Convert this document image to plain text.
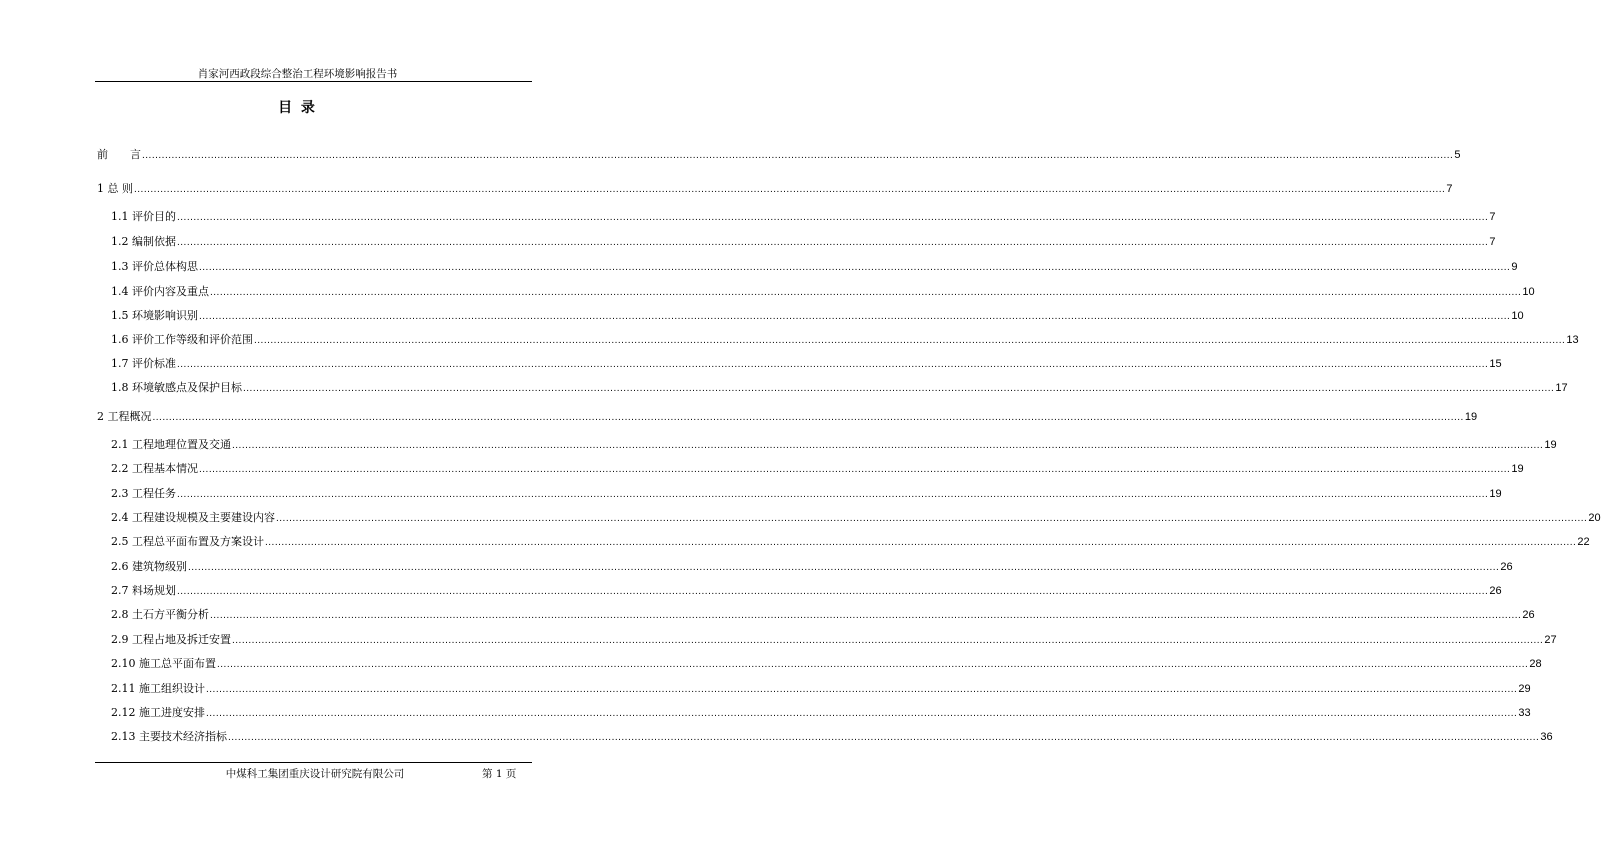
肖家河西政段综合整治工程环境影响报告书
目 录
前　　言 ................................................................................................................................................................................................................................................................................................................................................................................................................ 5
1 总 则 ................................................................................................................................................................................................................................................................................................................................................................................................................ 7
1.1 评价目的 ................................................................................................................................................................................................................................................................................................................................................................................................................ 7
1.2 编制依据 ................................................................................................................................................................................................................................................................................................................................................................................................................ 7
1.3 评价总体构思 ................................................................................................................................................................................................................................................................................................................................................................................................................ 9
1.4 评价内容及重点 ................................................................................................................................................................................................................................................................................................................................................................................................................ 10
1.5 环境影响识别 ................................................................................................................................................................................................................................................................................................................................................................................................................ 10
1.6 评价工作等级和评价范围 ................................................................................................................................................................................................................................................................................................................................................................................................................ 13
1.7 评价标准 ................................................................................................................................................................................................................................................................................................................................................................................................................ 15
1.8 环境敏感点及保护目标 ................................................................................................................................................................................................................................................................................................................................................................................................................ 17
2 工程概况 ................................................................................................................................................................................................................................................................................................................................................................................................................ 19
2.1 工程地理位置及交通 ................................................................................................................................................................................................................................................................................................................................................................................................................ 19
2.2 工程基本情况 ................................................................................................................................................................................................................................................................................................................................................................................................................ 19
2.3 工程任务 ................................................................................................................................................................................................................................................................................................................................................................................................................ 19
2.4 工程建设规模及主要建设内容 ................................................................................................................................................................................................................................................................................................................................................................................................................ 20
2.5 工程总平面布置及方案设计 ................................................................................................................................................................................................................................................................................................................................................................................................................ 22
2.6 建筑物级别 ................................................................................................................................................................................................................................................................................................................................................................................................................ 26
2.7 料场规划 ................................................................................................................................................................................................................................................................................................................................................................................................................ 26
2.8 土石方平衡分析 ................................................................................................................................................................................................................................................................................................................................................................................................................ 26
2.9 工程占地及拆迁安置 ................................................................................................................................................................................................................................................................................................................................................................................................................ 27
2.10 施工总平面布置 ................................................................................................................................................................................................................................................................................................................................................................................................................ 28
2.11 施工组织设计 ................................................................................................................................................................................................................................................................................................................................................................................................................ 29
2.12 施工进度安排 ................................................................................................................................................................................................................................................................................................................................................................................................................ 33
2.13 主要技术经济指标 ................................................................................................................................................................................................................................................................................................................................................................................................................ 36
中煤科工集团重庆设计研究院有限公司	第 1 页
